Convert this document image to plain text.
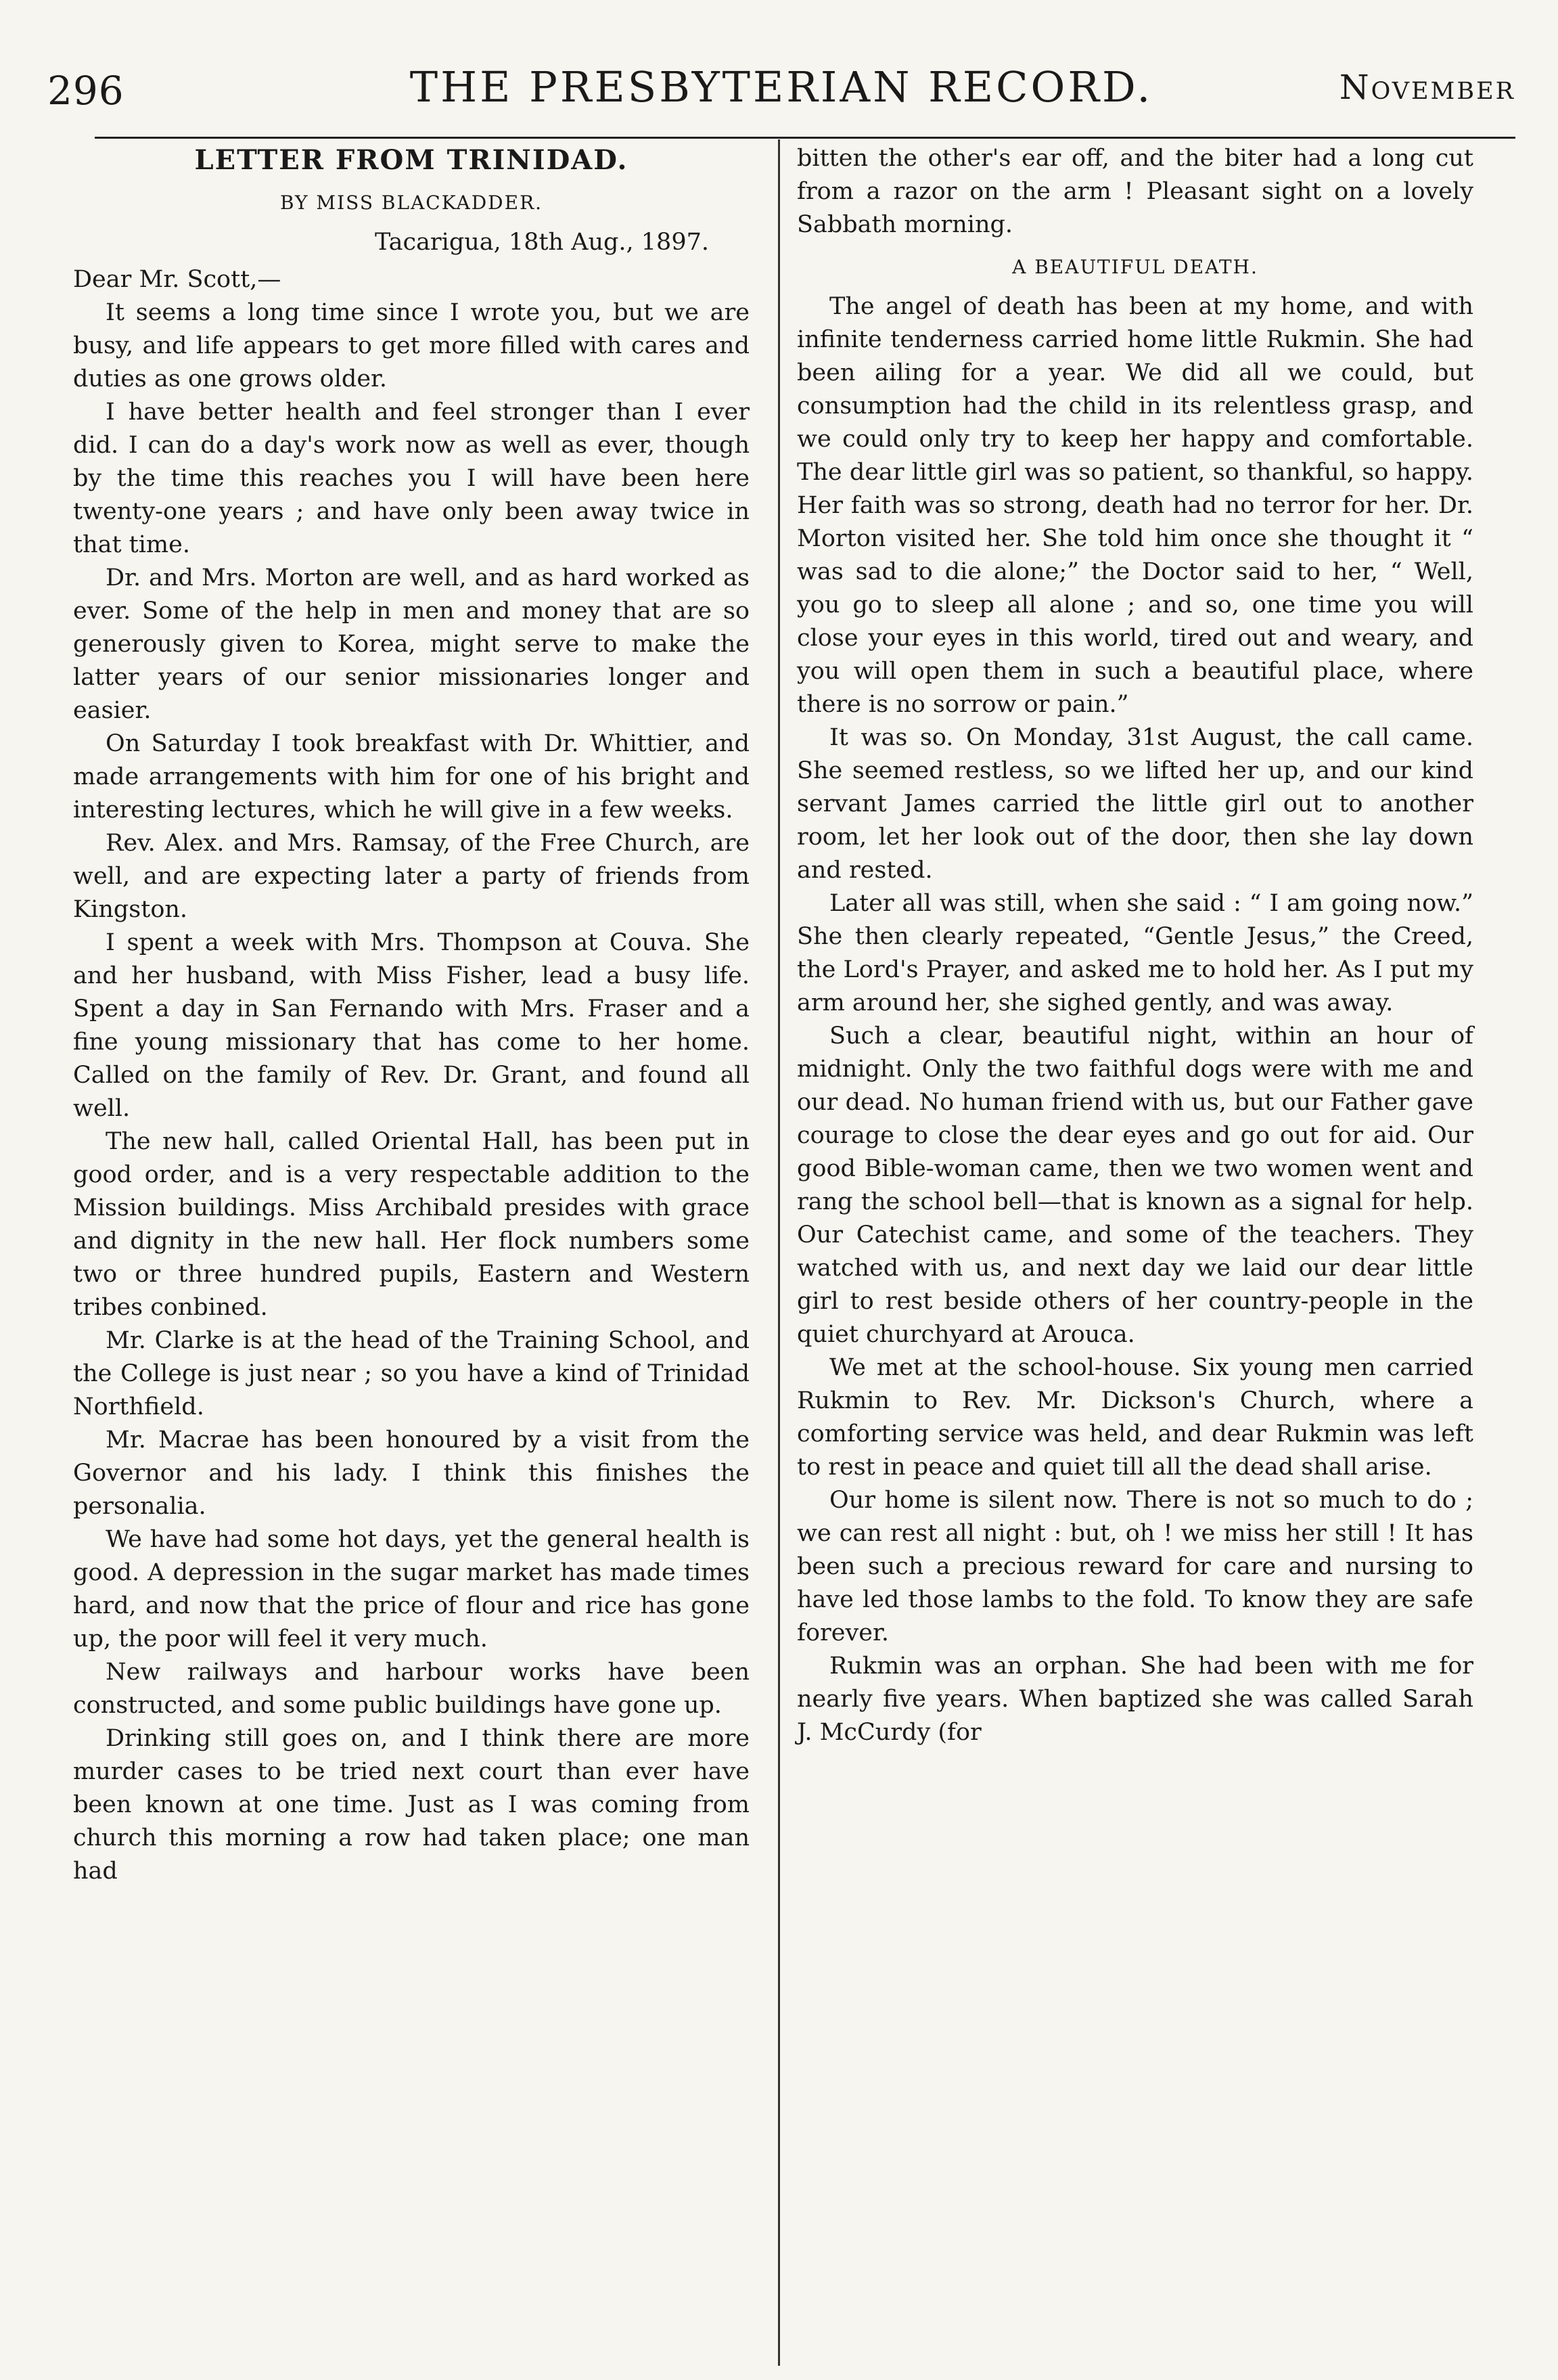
296	THE PRESBYTERIAN RECORD.	November
LETTER FROM TRINIDAD.
BY MISS BLACKADDER.
Tacarigua, 18th Aug., 1897.

Dear Mr. Scott,—

It seems a long time since I wrote you, but we are busy, and life appears to get more filled with cares and duties as one grows older.

I have better health and feel stronger than I ever did. I can do a day's work now as well as ever, though by the time this reaches you I will have been here twenty-one years ; and have only been away twice in that time.

Dr. and Mrs. Morton are well, and as hard worked as ever. Some of the help in men and money that are so generously given to Korea, might serve to make the latter years of our senior missionaries longer and easier.

On Saturday I took breakfast with Dr. Whittier, and made arrangements with him for one of his bright and interesting lectures, which he will give in a few weeks.

Rev. Alex. and Mrs. Ramsay, of the Free Church, are well, and are expecting later a party of friends from Kingston.

I spent a week with Mrs. Thompson at Couva. She and her husband, with Miss Fisher, lead a busy life. Spent a day in San Fernando with Mrs. Fraser and a fine young missionary that has come to her home. Called on the family of Rev. Dr. Grant, and found all well.

The new hall, called Oriental Hall, has been put in good order, and is a very respectable addition to the Mission buildings. Miss Archibald presides with grace and dignity in the new hall. Her flock numbers some two or three hundred pupils, Eastern and Western tribes conbined.

Mr. Clarke is at the head of the Training School, and the College is just near ; so you have a kind of Trinidad Northfield.

Mr. Macrae has been honoured by a visit from the Governor and his lady. I think this finishes the personalia.

We have had some hot days, yet the general health is good. A depression in the sugar market has made times hard, and now that the price of flour and rice has gone up, the poor will feel it very much.

New railways and harbour works have been constructed, and some public buildings have gone up.

Drinking still goes on, and I think there are more murder cases to be tried next court than ever have been known at one time. Just as I was coming from church this morning a row had taken place; one man had

bitten the other's ear off, and the biter had a long cut from a razor on the arm ! Pleasant sight on a lovely Sabbath morning.

A BEAUTIFUL DEATH.

The angel of death has been at my home, and with infinite tenderness carried home little Rukmin. She had been ailing for a year. We did all we could, but consumption had the child in its relentless grasp, and we could only try to keep her happy and comfortable. The dear little girl was so patient, so thankful, so happy. Her faith was so strong, death had no terror for her. Dr. Morton visited her. She told him once she thought it “ was sad to die alone;” the Doctor said to her, “ Well, you go to sleep all alone ; and so, one time you will close your eyes in this world, tired out and weary, and you will open them in such a beautiful place, where there is no sorrow or pain.”

It was so. On Monday, 31st August, the call came. She seemed restless, so we lifted her up, and our kind servant James carried the little girl out to another room, let her look out of the door, then she lay down and rested.

Later all was still, when she said : “ I am going now.” She then clearly repeated, “Gentle Jesus,” the Creed, the Lord's Prayer, and asked me to hold her. As I put my arm around her, she sighed gently, and was away.

Such a clear, beautiful night, within an hour of midnight. Only the two faithful dogs were with me and our dead. No human friend with us, but our Father gave courage to close the dear eyes and go out for aid. Our good Bible-woman came, then we two women went and rang the school bell—that is known as a signal for help. Our Catechist came, and some of the teachers. They watched with us, and next day we laid our dear little girl to rest beside others of her country-people in the quiet churchyard at Arouca.

We met at the school-house. Six young men carried Rukmin to Rev. Mr. Dickson's Church, where a comforting service was held, and dear Rukmin was left to rest in peace and quiet till all the dead shall arise.

Our home is silent now. There is not so much to do ; we can rest all night : but, oh ! we miss her still ! It has been such a precious reward for care and nursing to have led those lambs to the fold. To know they are safe forever.

Rukmin was an orphan. She had been with me for nearly five years. When baptized she was called Sarah J. McCurdy (for
